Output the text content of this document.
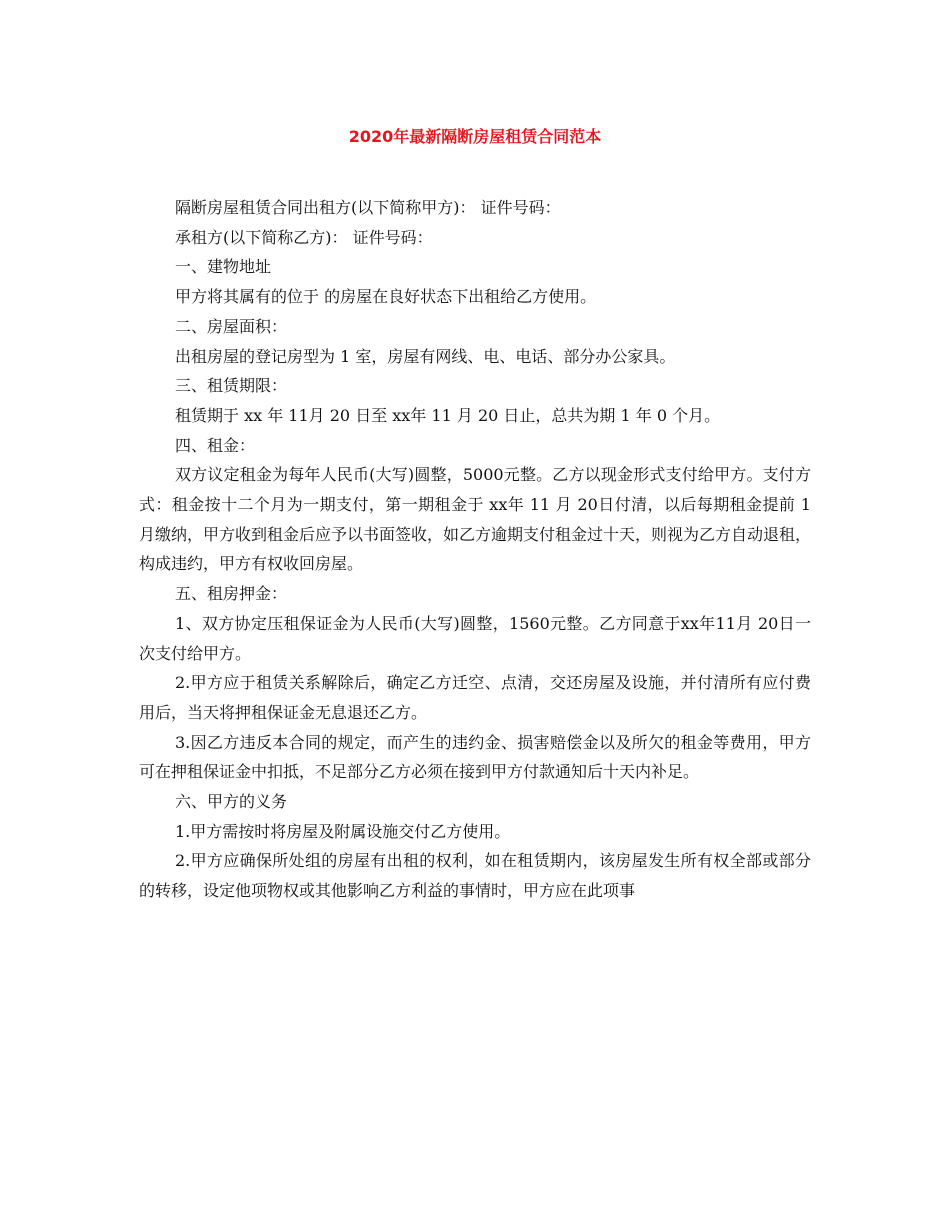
2020年最新隔断房屋租赁合同范本

隔断房屋租赁合同出租方(以下简称甲方)： 证件号码：

承租方(以下简称乙方)： 证件号码：

一、建物地址

甲方将其属有的位于 的房屋在良好状态下出租给乙方使用。

二、房屋面积：

出租房屋的登记房型为 1 室，房屋有网线、电、电话、部分办公家具。

三、租赁期限：

租赁期于 xx 年 11月 20 日至 xx年 11 月 20 日止，总共为期 1 年 0 个月。

四、租金：

双方议定租金为每年人民币(大写)圆整，5000元整。乙方以现金形式支付给甲方。支付方式：租金按十二个月为一期支付，第一期租金于 xx年 11 月 20日付清，以后每期租金提前 1 月缴纳，甲方收到租金后应予以书面签收，如乙方逾期支付租金过十天，则视为乙方自动退租，构成违约，甲方有权收回房屋。

五、租房押金：

1、双方协定压租保证金为人民币(大写)圆整，1560元整。乙方同意于xx年11月 20日一次支付给甲方。

2.甲方应于租赁关系解除后，确定乙方迁空、点清，交还房屋及设施，并付清所有应付费用后，当天将押租保证金无息退还乙方。

3.因乙方违反本合同的规定，而产生的违约金、损害赔偿金以及所欠的租金等费用，甲方可在押租保证金中扣抵，不足部分乙方必须在接到甲方付款通知后十天内补足。

六、甲方的义务

1.甲方需按时将房屋及附属设施交付乙方使用。

2.甲方应确保所处组的房屋有出租的权利，如在租赁期内，该房屋发生所有权全部或部分的转移，设定他项物权或其他影响乙方利益的事情时，甲方应在此项事
